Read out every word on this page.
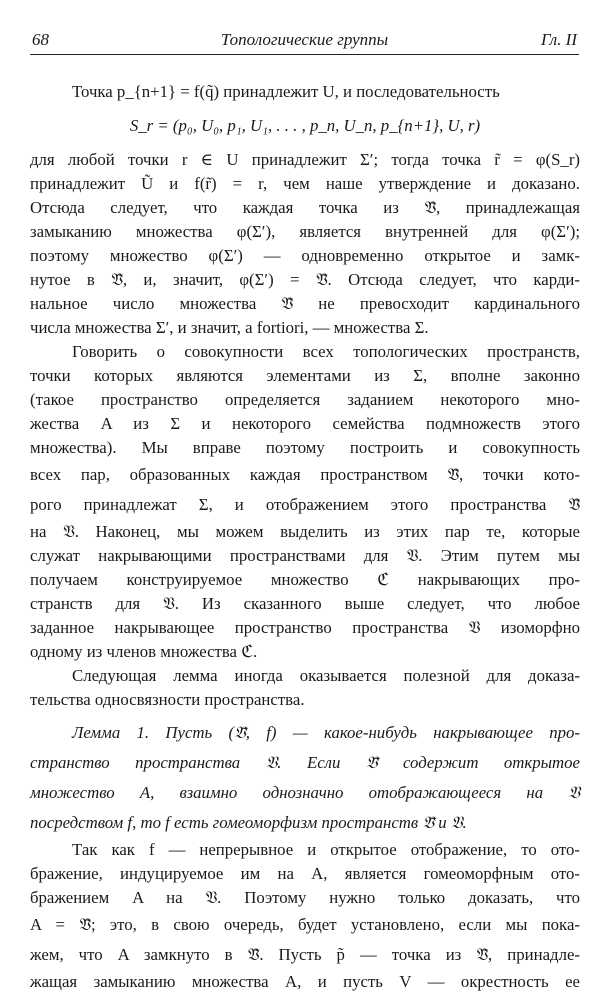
68	Топологические группы	Гл. II

Точка p_{n+1} = f(q̃) принадлежит U, и последовательность

S_r = (p₀, U₀, p₁, U₁, . . . , p_n, U_n, p_{n+1}, U, r)

для любой точки r ∈ U принадлежит Σ′; тогда точка r̃ = φ(S_r)
принадлежит Ũ и f(r̃) = r, чем наше утверждение и доказано.
Отсюда следует, что каждая точка из 𝔙̃, принадлежащая
замыканию множества φ(Σ′), является внутренней для φ(Σ′);
поэтому множество φ(Σ′) — одновременно открытое и замк-
нутое в 𝔙̃, и, значит, φ(Σ′) = 𝔙̃. Отсюда следует, что карди-
нальное число множества 𝔙̃ не превосходит кардинального
числа множества Σ′, и значит, a fortiori, — множества Σ.

Говорить о совокупности всех топологических пространств,
точки которых являются элементами из Σ, вполне законно
(такое пространство определяется заданием некоторого мно-
жества A из Σ и некоторого семейства подмножеств этого
множества). Мы вправе поэтому построить и совокупность
всех пар, образованных каждая пространством 𝔙̃, точки кото-
рого принадлежат Σ, и отображением этого пространства 𝔙̃
на 𝔙. Наконец, мы можем выделить из этих пар те, которые
служат накрывающими пространствами для 𝔙. Этим путем мы
получаем конструируемое множество ℭ накрывающих про-
странств для 𝔙. Из сказанного выше следует, что любое
заданное накрывающее пространство пространства 𝔙 изоморфно
одному из членов множества ℭ.

Следующая лемма иногда оказывается полезной для доказа-
тельства односвязности пространства.

Лемма 1. Пусть (𝔙̃, f) — какое-нибудь накрывающее про-
странство пространства 𝔙. Если 𝔙̃ содержит открытое
множество A, взаимно однозначно отображающееся на 𝔙
посредством f, то f есть гомеоморфизм пространств 𝔙̃ и 𝔙.

Так как f — непрерывное и открытое отображение, то ото-
бражение, индуцируемое им на A, является гомеоморфным ото-
бражением A на 𝔙. Поэтому нужно только доказать, что
A = 𝔙̃; это, в свою очередь, будет установлено, если мы пока-
жем, что A замкнуто в 𝔙̃. Пусть p̃ — точка из 𝔙̃, принадле-
жащая замыканию множества A, и пусть V — окрестность ее
